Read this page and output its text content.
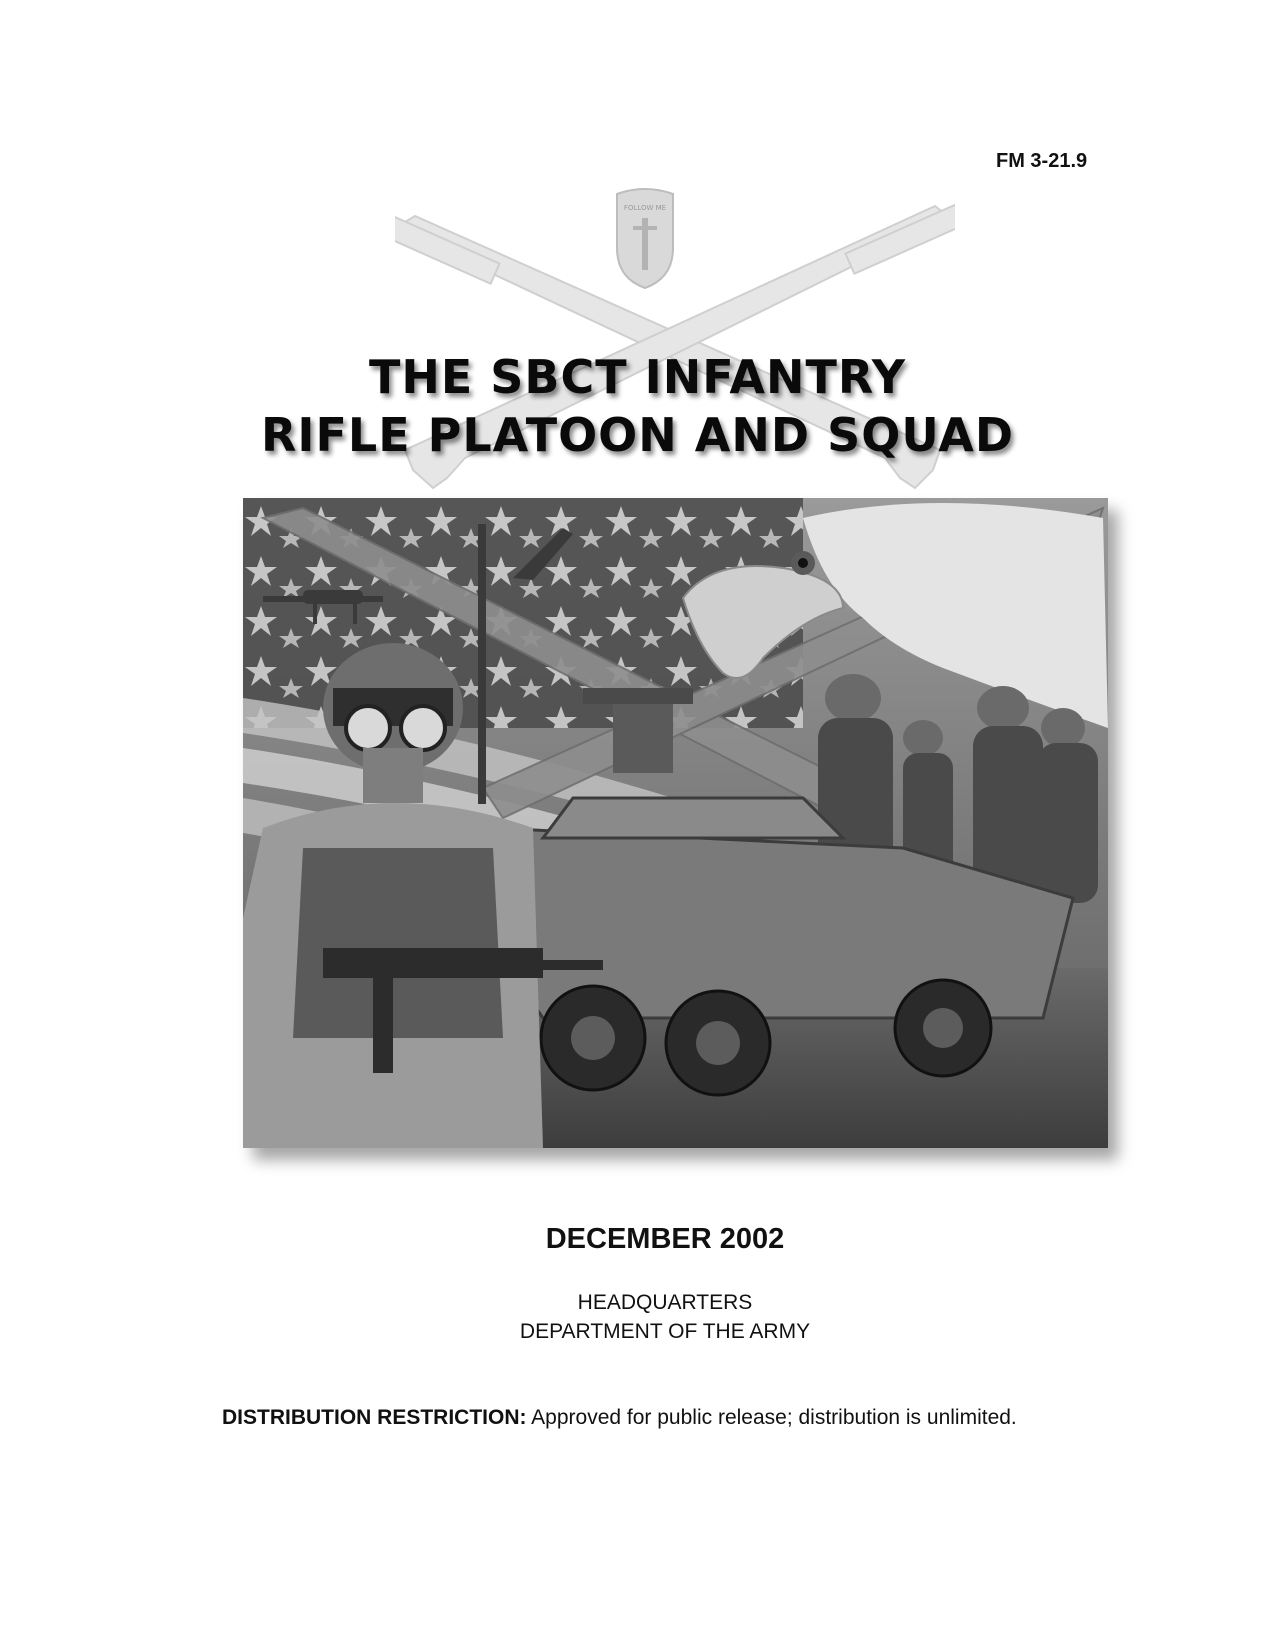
FM 3-21.9
FOLLOW ME
THE SBCT INFANTRY
RIFLE PLATOON AND SQUAD
DECEMBER 2002
HEADQUARTERS
DEPARTMENT OF THE ARMY
DISTRIBUTION RESTRICTION: Approved for public release; distribution is unlimited.
